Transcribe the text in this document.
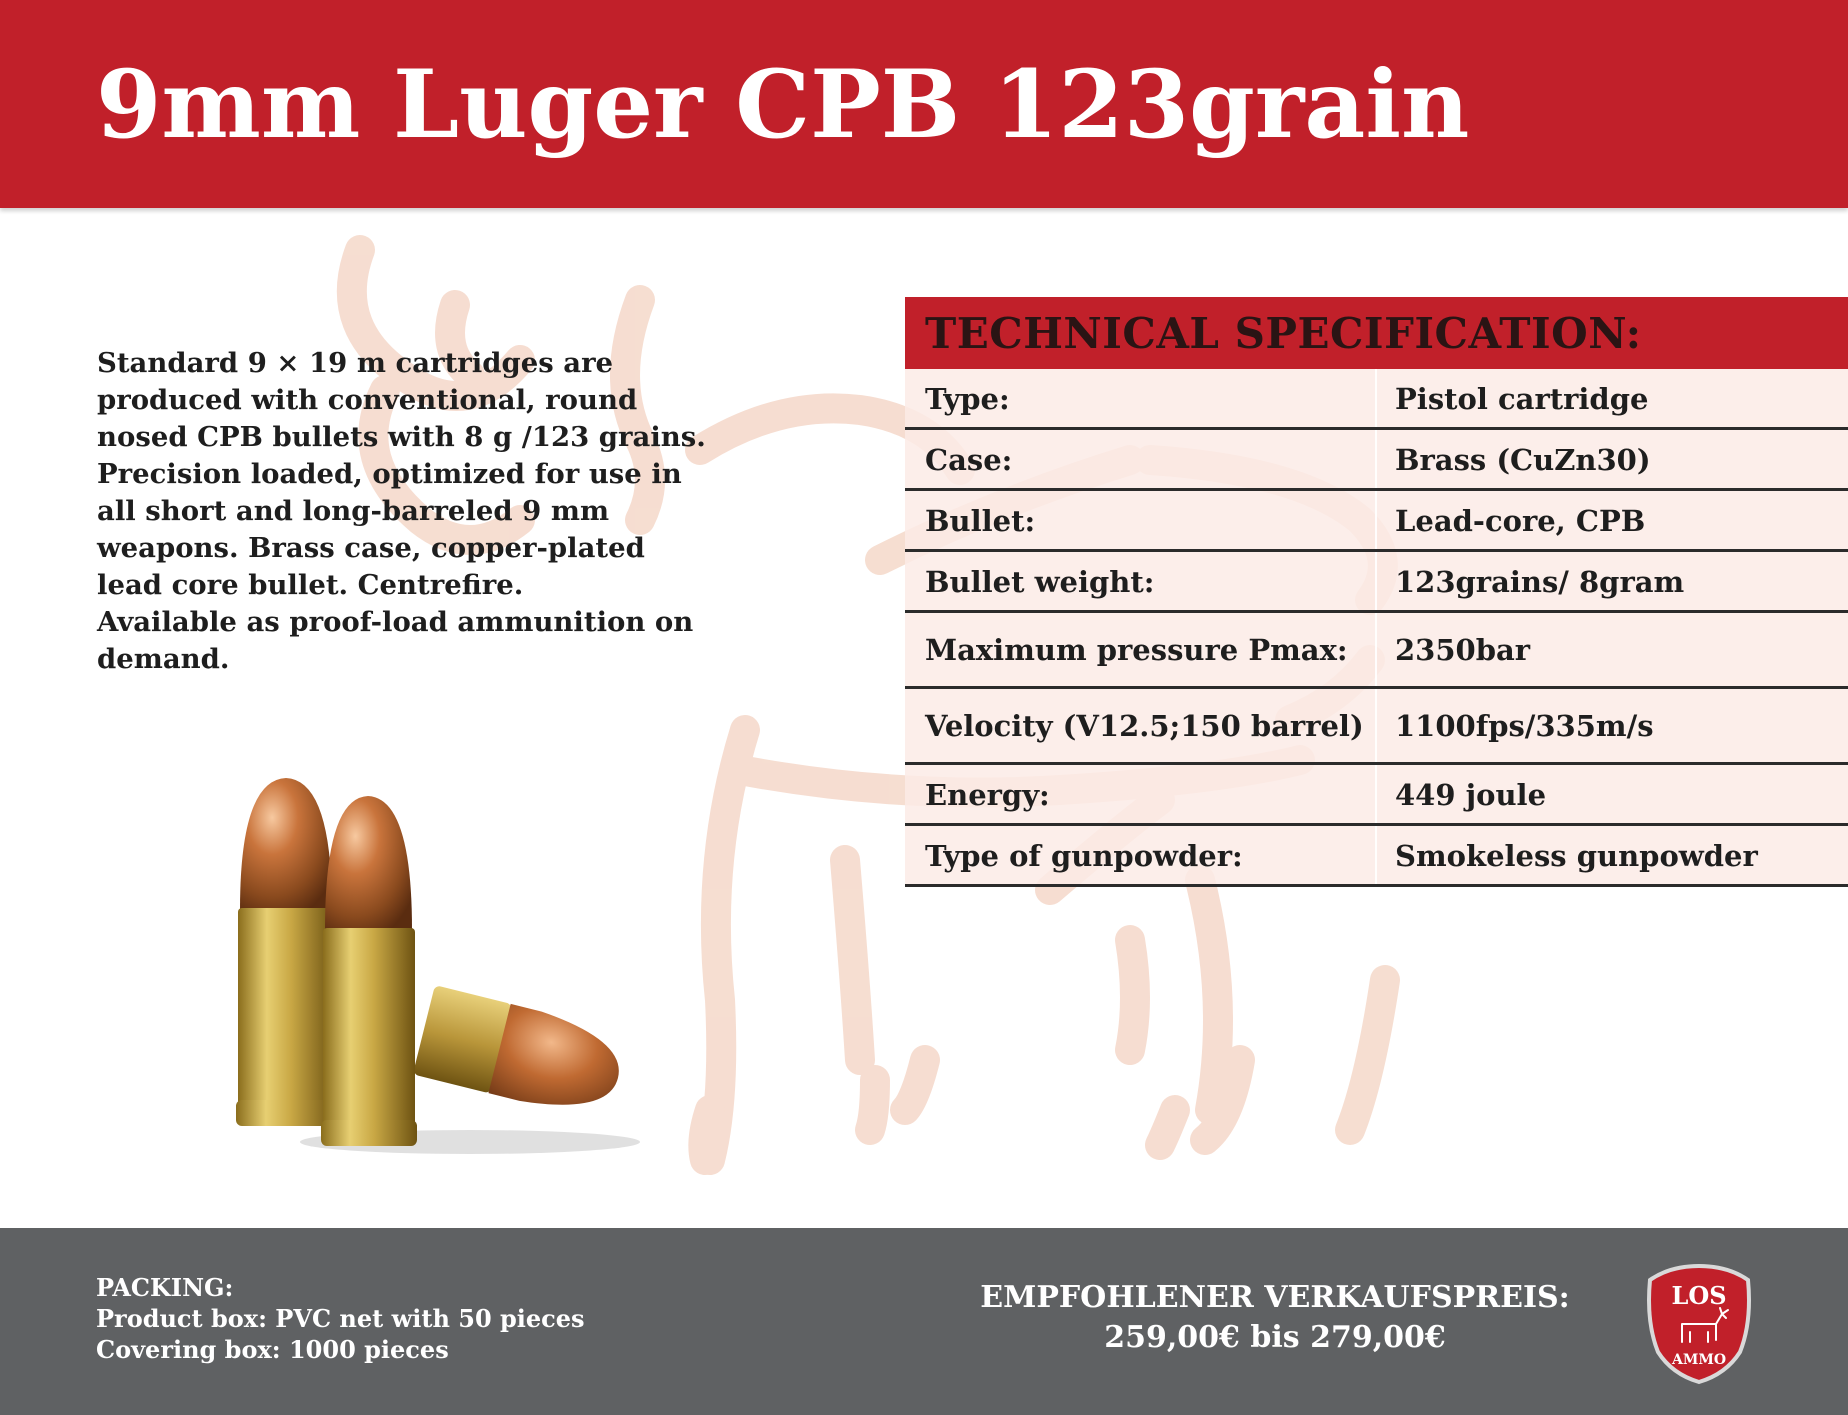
9mm Luger CPB 123grain

Standard 9 × 19 m cartridges are produced with conventional, round nosed CPB bullets with 8 g /123 grains.

Precision loaded, optimized for use in all short and long-barreled 9 mm weapons. Brass case, copper-plated lead core bullet. Centrefire.

Available as proof-load ammunition on demand.

TECHNICAL SPECIFICATION:
Type:	Pistol cartridge
Case:	Brass (CuZn30)
Bullet:	Lead-core, CPB
Bullet weight:	123grains/ 8gram
Maximum pressure Pmax: 2350bar
Velocity (V12.5;150 barrel) 1100fps/335m/s
Energy:	449 joule
Type of gunpowder:	Smokeless gunpowder
PACKING:
Product box: PVC net with 50 pieces
Covering box: 1000 pieces
EMPFOHLENER VERKAUFSPREIS:
259,00€ bis 279,00€
LOS
AMMO
